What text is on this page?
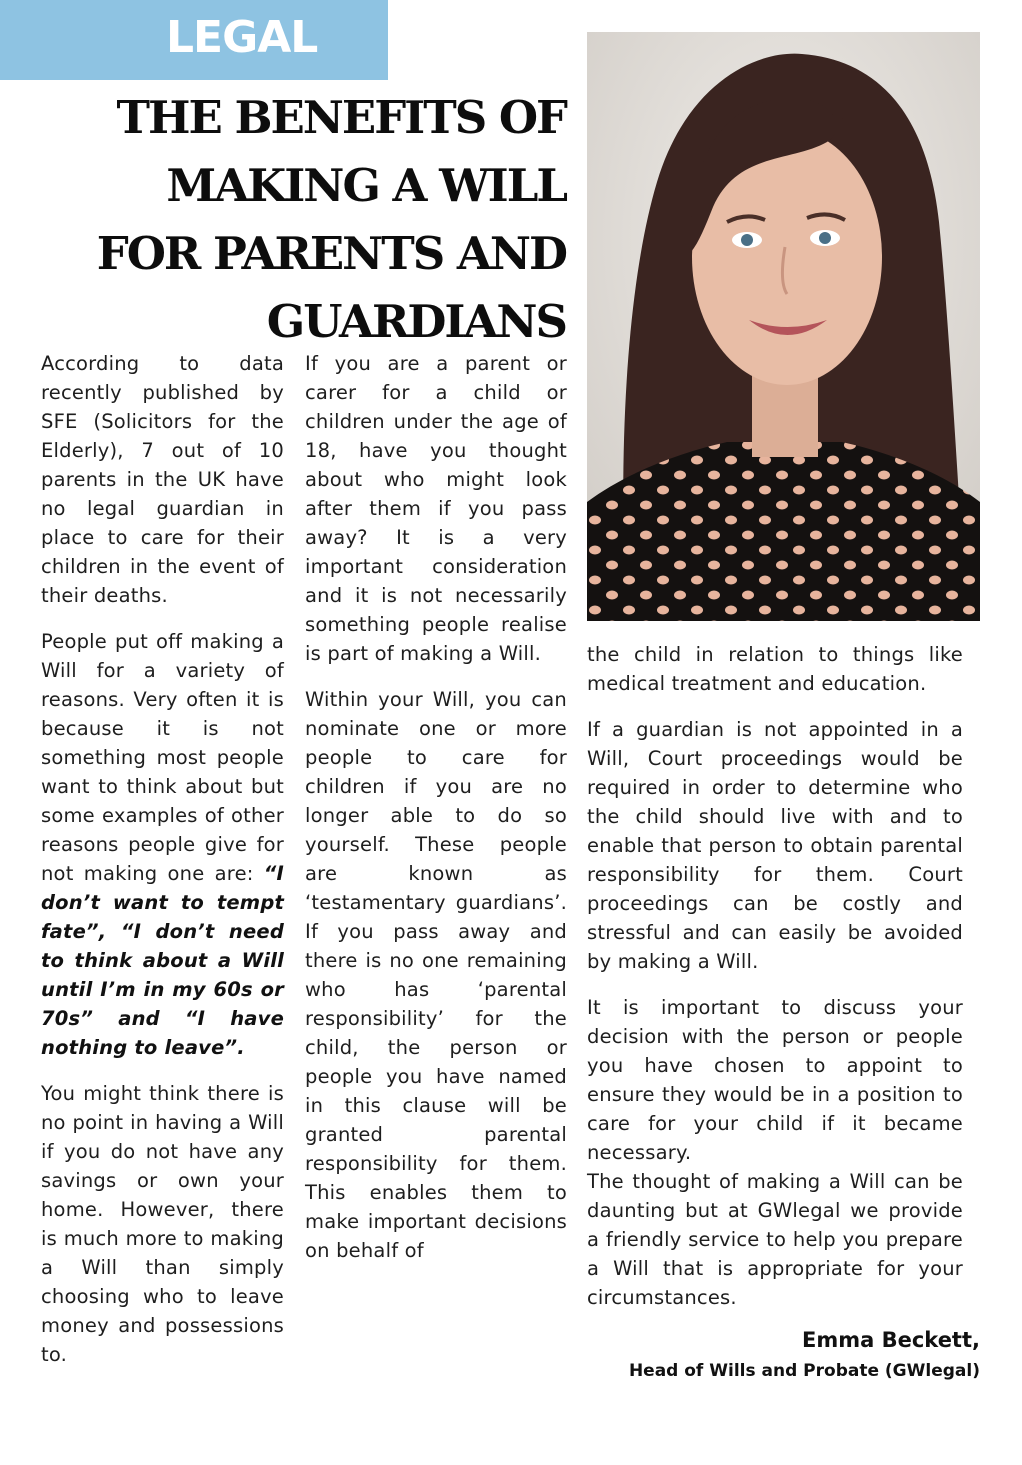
LEGAL
THE BENEFITS OF
MAKING A WILL
FOR PARENTS AND
GUARDIANS

According to data recently published by SFE (Solicitors for the Elderly), 7 out of 10 parents in the UK have no legal guardian in place to care for their children in the event of their deaths.

People put off making a Will for a variety of reasons. Very often it is because it is not something most people want to think about but some examples of other reasons people give for not making one are: “I don’t want to tempt fate”, “I don’t need to think about a Will until I’m in my 60s or 70s” and “I have nothing to leave”.

You might think there is no point in having a Will if you do not have any savings or own your home. However, there is much more to making a Will than simply choosing who to leave money and possessions to.

If you are a parent or carer for a child or children under the age of 18, have you thought about who might look after them if you pass away? It is a very important consideration and it is not necessarily something people realise is part of making a Will.

Within your Will, you can nominate one or more people to care for children if you are no longer able to do so yourself. These people are known as ‘testamentary guardians’. If you pass away and there is no one remaining who has ‘parental responsibility’ for the child, the person or people you have named in this clause will be granted parental responsibility for them. This enables them to make important decisions on behalf of

the child in relation to things like medical treatment and education.

If a guardian is not appointed in a Will, Court proceedings would be required in order to determine who the child should live with and to enable that person to obtain parental responsibility for them. Court proceedings can be costly and stressful and can easily be avoided by making a Will.

It is important to discuss your decision with the person or people you have chosen to appoint to ensure they would be in a position to care for your child if it became necessary.

The thought of making a Will can be daunting but at GWlegal we provide a friendly service to help you prepare a Will that is appropriate for your circumstances.

Emma Beckett,
Head of Wills and Probate (GWlegal)
